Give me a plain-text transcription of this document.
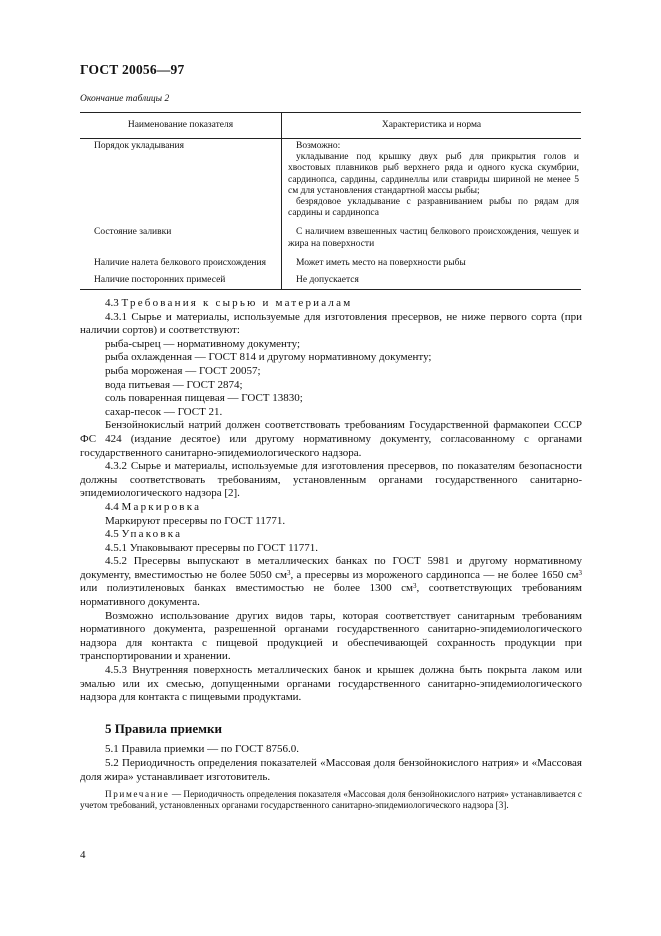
ГОСТ 20056—97
Окончание таблицы 2
Наименование показателя	Характеристика и норма
Порядок укладывания	Возможно:
укладывание под крышку двух рыб для прикрытия голов и хвостовых плавников рыб верхнего ряда и одного куска скумбрии, сардинопса, сардины, сардинеллы или ставриды шириной не менее 5 см для установления стандартной массы рыбы;
безрядовое укладывание с разравниванием рыбы по рядам для сардины и сардинопса

Состояние заливки	С наличием взвешенных частиц белкового происхождения, чешуек и жира на поверхности
Наличие налета белкового происхождения	Может иметь место на поверхности рыбы
Наличие посторонних примесей	Не допускается

4.3 Требования к сырью и материалам

4.3.1 Сырье и материалы, используемые для изготовления пресервов, не ниже первого сорта (при наличии сортов) и соответствуют:

рыба-сырец — нормативному документу;

рыба охлажденная — ГОСТ 814 и другому нормативному документу;

рыба мороженая — ГОСТ 20057;

вода питьевая — ГОСТ 2874;

соль поваренная пищевая — ГОСТ 13830;

сахар-песок — ГОСТ 21.

Бензойнокислый натрий должен соответствовать требованиям Государственной фармакопеи СССР ФС 424 (издание десятое) или другому нормативному документу, согласованному с органами государственного санитарно-эпидемиологического надзора.

4.3.2 Сырье и материалы, используемые для изготовления пресервов, по показателям безопасности должны соответствовать требованиям, установленным органами государственного санитарно-эпидемиологического надзора [2].

4.4 Маркировка

Маркируют пресервы по ГОСТ 11771.

4.5 Упаковка

4.5.1 Упаковывают пресервы по ГОСТ 11771.

4.5.2 Пресервы выпускают в металлических банках по ГОСТ 5981 и другому нормативному документу, вместимостью не более 5050 $см^3$, а пресервы из мороженого сардинопса — не более 1650 $см^3$ или полиэтиленовых банках вместимостью не более 1300 $см^3$, соответствующих требованиям нормативного документа.

Возможно использование других видов тары, которая соответствует санитарным требованиям нормативного документа, разрешенной органами государственного санитарно-эпидемиологического надзора для контакта с пищевой продукцией и обеспечивающей сохранность продукции при транспортировании и хранении.

4.5.3 Внутренняя поверхность металлических банок и крышек должна быть покрыта лаком или эмалью или их смесью, допущенными органами государственного санитарно-эпидемиологического надзора для контакта с пищевыми продуктами.

5 Правила приемки

5.1 Правила приемки — по ГОСТ 8756.0.

5.2 Периодичность определения показателей «Массовая доля бензойнокислого натрия» и «Массовая доля жира» устанавливает изготовитель.

Примечание — Периодичность определения показателя «Массовая доля бензойнокислого натрия» устанавливается с учетом требований, установленных органами государственного санитарно-эпидемиологического надзора [3].

4
